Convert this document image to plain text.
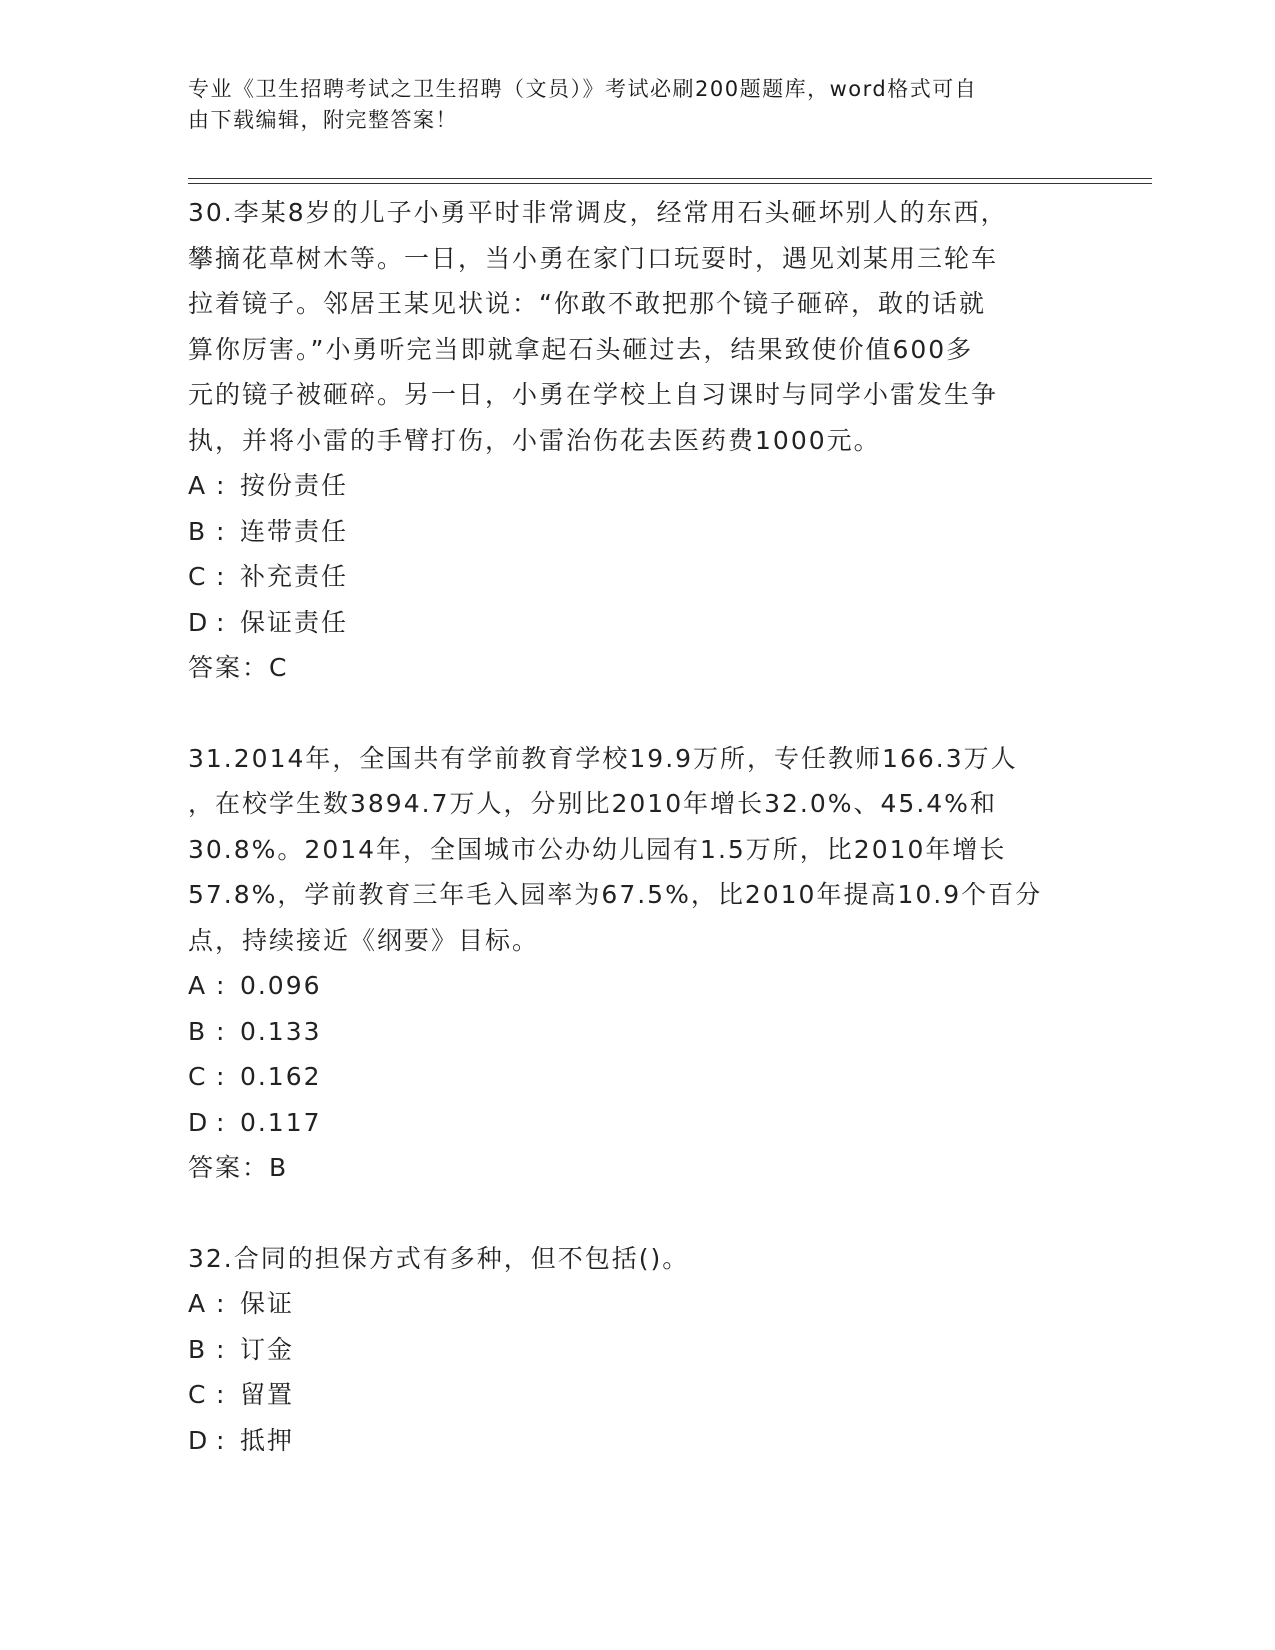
专业《卫生招聘考试之卫生招聘（文员）》考试必刷200题题库，word格式可自
由下载编辑，附完整答案！
30.李某8岁的儿子小勇平时非常调皮，经常用石头砸坏别人的东西，
攀摘花草树木等。一日，当小勇在家门口玩耍时，遇见刘某用三轮车
拉着镜子。邻居王某见状说：“你敢不敢把那个镜子砸碎，敢的话就
算你厉害。”小勇听完当即就拿起石头砸过去，结果致使价值600多
元的镜子被砸碎。另一日，小勇在学校上自习课时与同学小雷发生争
执，并将小雷的手臂打伤，小雷治伤花去医药费1000元。
A : 按份责任
B : 连带责任
C : 补充责任
D : 保证责任
答案：C
31.2014年，全国共有学前教育学校19.9万所，专任教师166.3万人
，在校学生数3894.7万人，分别比2010年增长32.0%、45.4%和
30.8%。2014年，全国城市公办幼儿园有1.5万所，比2010年增长
57.8%，学前教育三年毛入园率为67.5%，比2010年提高10.9个百分
点，持续接近《纲要》目标。
A : 0.096
B : 0.133
C : 0.162
D : 0.117
答案：B
32.合同的担保方式有多种，但不包括()。
A : 保证
B : 订金
C : 留置
D : 抵押
